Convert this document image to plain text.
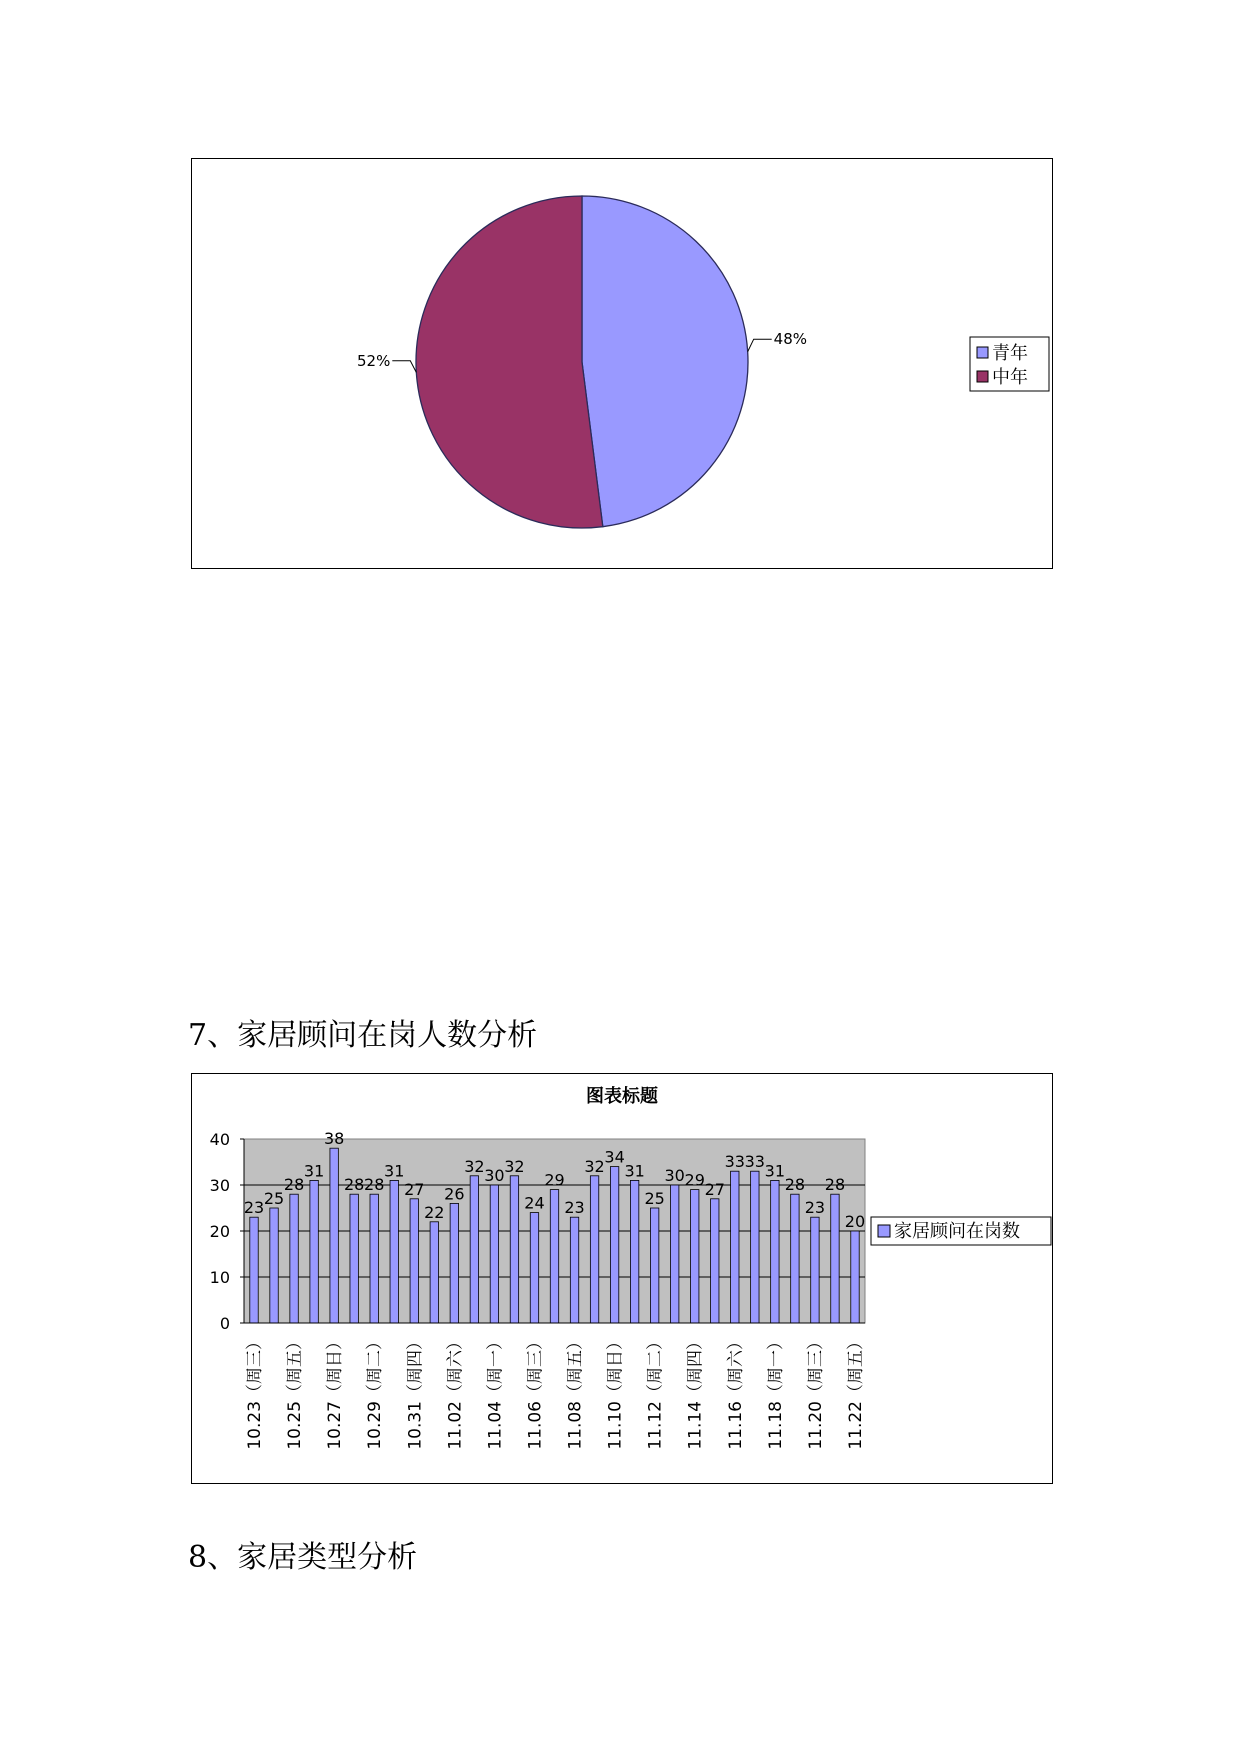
48%
52%	青年
中年
7、家居顾问在岗人数分析
图表标题
0
10
20
30
40
23 25
28
31
38
28 28
31
27
22
26
32 30 32
24
29
23
32 34
31
25
30 29 27
33 33 31
28
23
28
20
10.23（周三） 10.25（周五） 10.27（周日） 10.29（周二） 10.31（周四） 11.02（周六） 11.04（周一） 11.06（周三） 11.08（周五） 11.10（周日） 11.12（周二） 11.14（周四） 11.16（周六） 11.18（周一） 11.20（周三） 11.22（周五）
家居顾问在岗数
8、家居类型分析
